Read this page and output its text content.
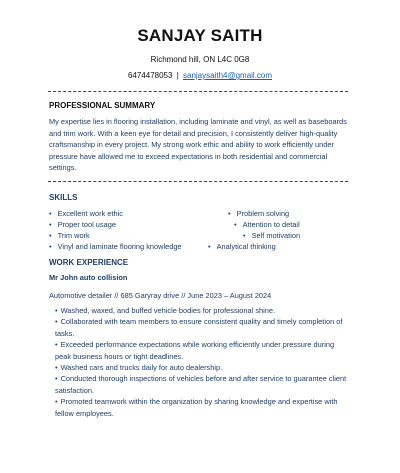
SANJAY SAITH
Richmond hill, ON L4C 0G8
6474478053 | sanjaysaith4@gmail.com
PROFESSIONAL SUMMARY
My expertise lies in flooring installation, including laminate and vinyl, as well as baseboards and trim work. With a keen eye for detail and precision, I consistently deliver high-quality craftsmanship in every project. My strong work ethic and ability to work efficiently under pressure have allowed me to exceed expectations in both residential and commercial settings.
SKILLS
• Excellent work ethic
• Proper tool usage
• Trim work
• Vinyl and laminate flooring knowledge
• Problem solving
• Attention to detail
• Self motivation
• Analytical thinking
WORK EXPERIENCE
Mr John auto collision
Automotive detailer // 685 Garyray drive // June 2023 – August 2024
• Washed, waxed, and buffed vehicle bodies for professional shine.
• Collaborated with team members to ensure consistent quality and timely completion of tasks.
• Exceeded performance expectations while working efficiently under pressure during peak business hours or tight deadlines.
• Washed cars and trucks daily for auto dealership.
• Conducted thorough inspections of vehicles before and after service to guarantee client satisfaction.
• Promoted teamwork within the organization by sharing knowledge and expertise with fellow employees.
